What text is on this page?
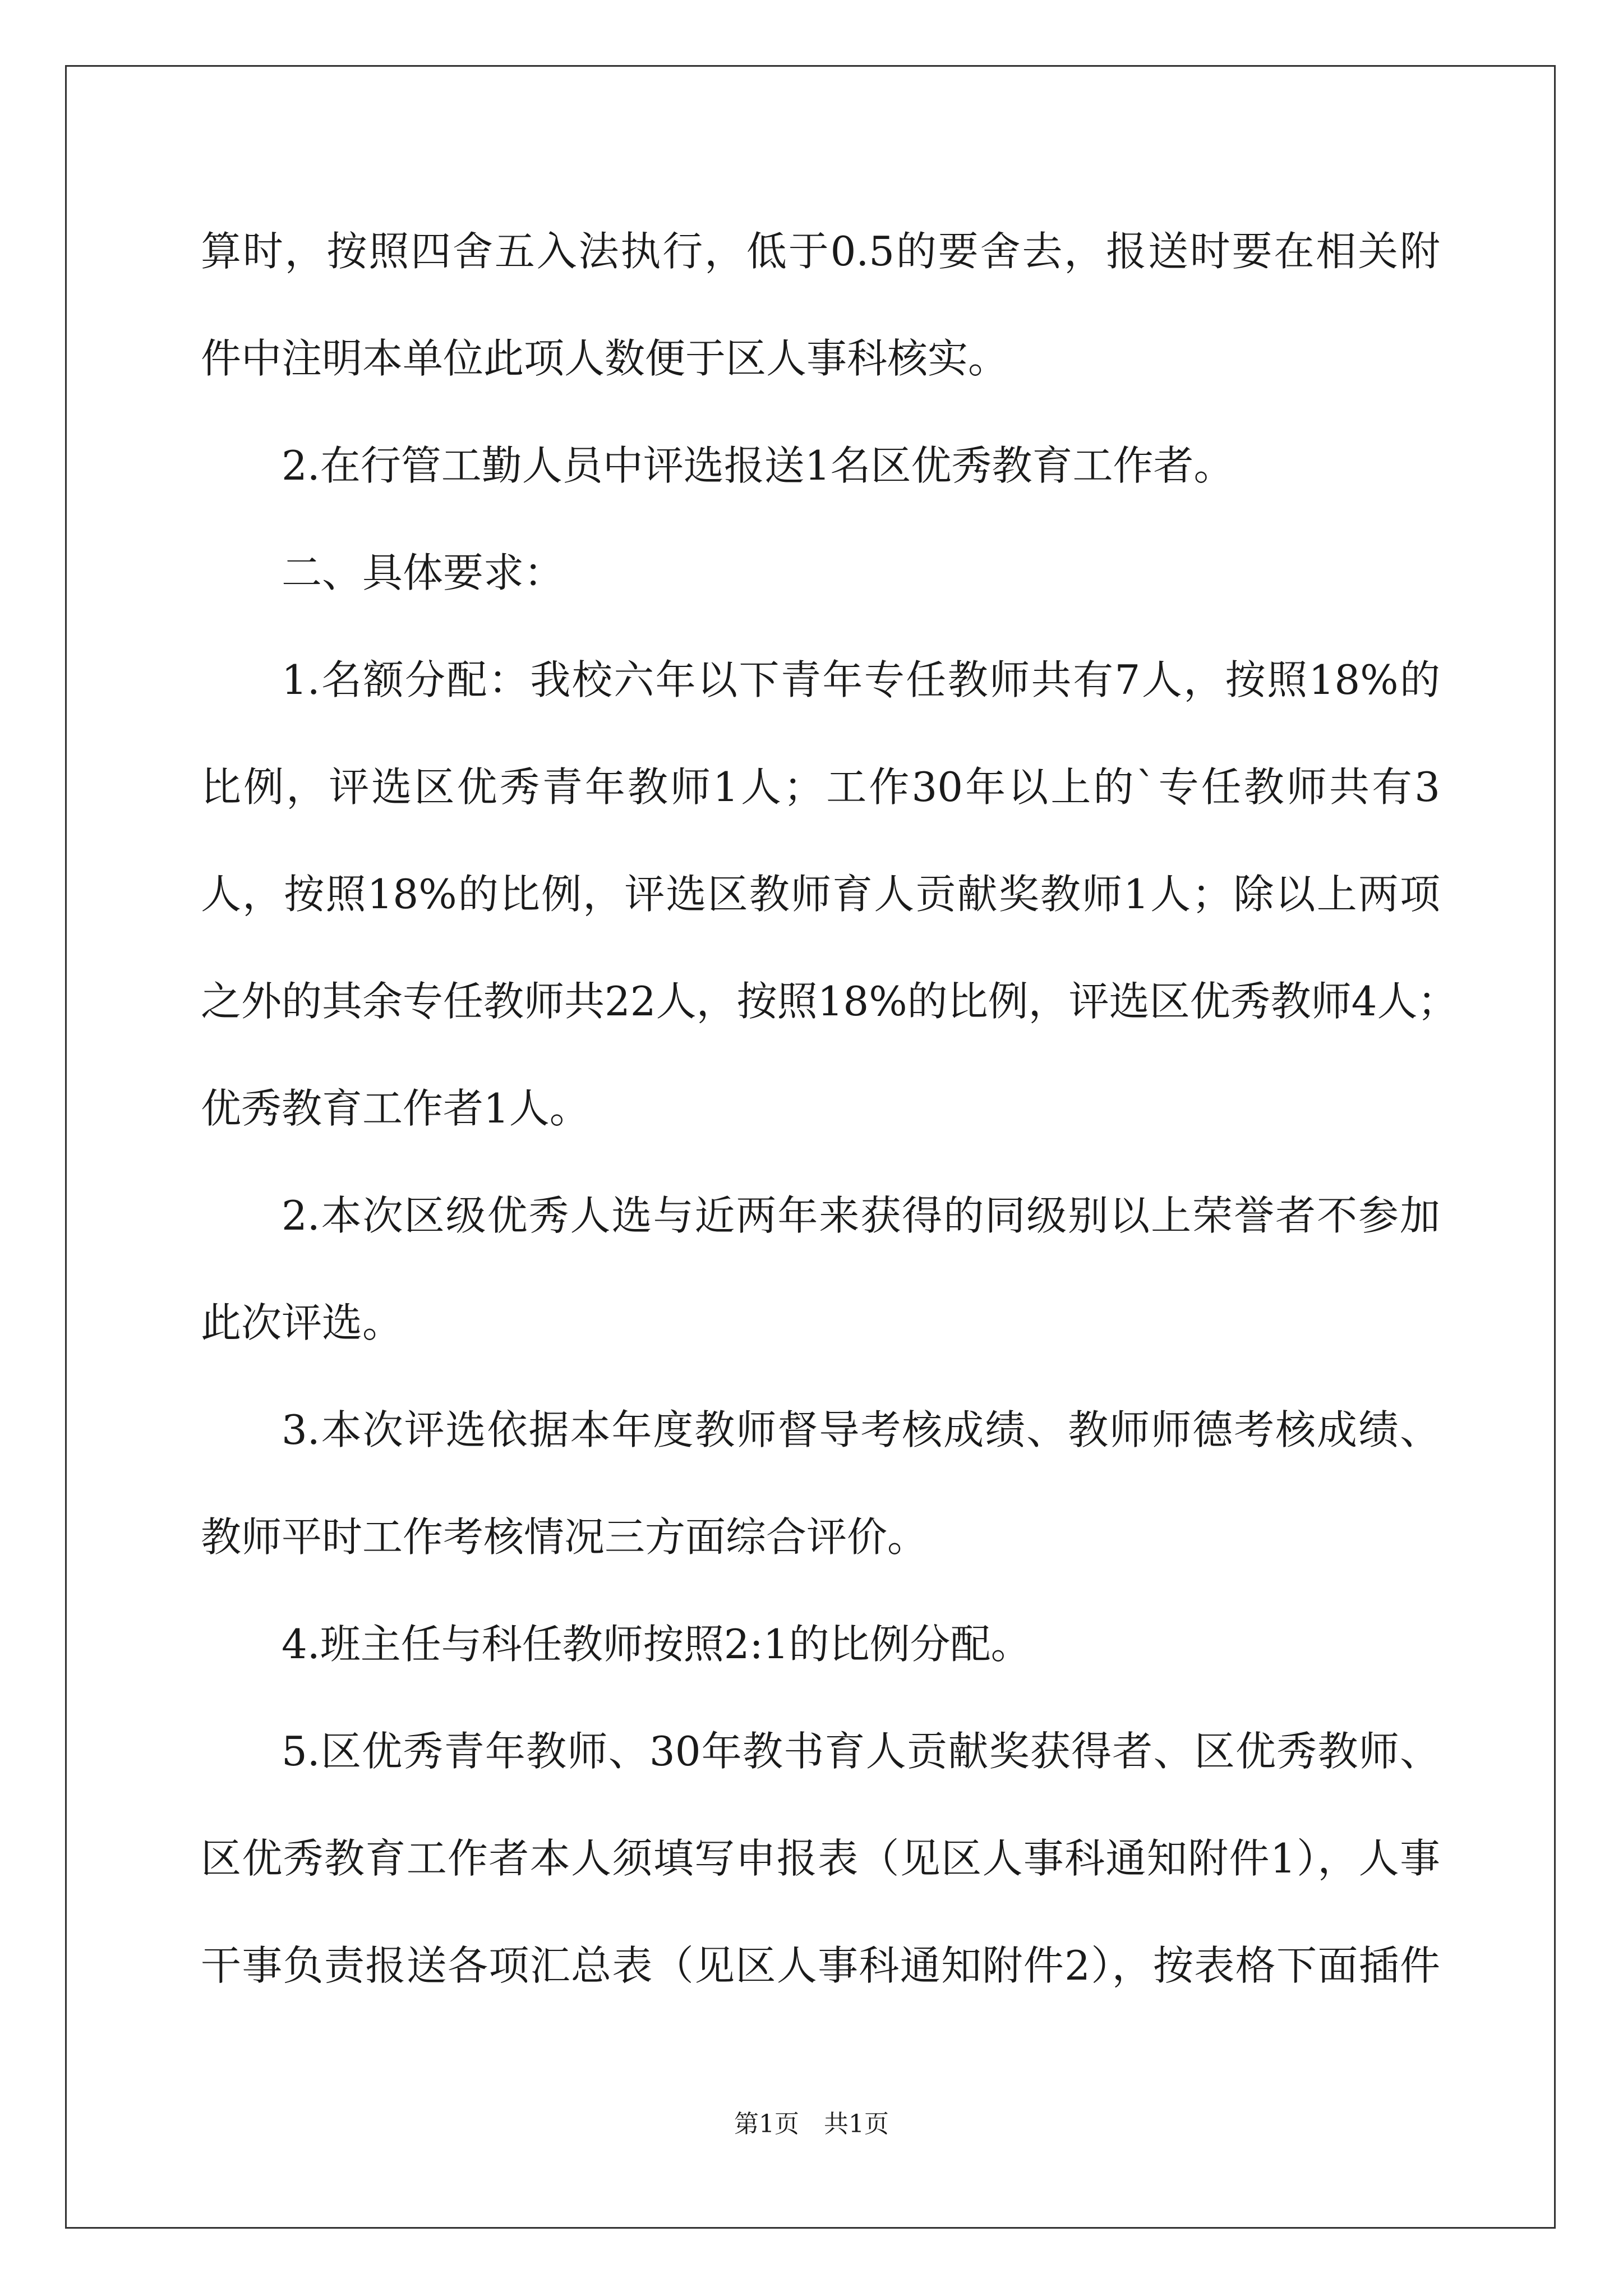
算时，按照四舍五入法执行，低于0.5的要舍去，报送时要在相关附
件中注明本单位此项人数便于区人事科核实。
2.在行管工勤人员中评选报送1名区优秀教育工作者。
二、具体要求：
1.名额分配：我校六年以下青年专任教师共有7人，按照18%的
比例，评选区优秀青年教师1人；工作30年以上的`专任教师共有3
人，按照18%的比例，评选区教师育人贡献奖教师1人；除以上两项
之外的其余专任教师共22人，按照18%的比例，评选区优秀教师4人；
优秀教育工作者1人。
2.本次区级优秀人选与近两年来获得的同级别以上荣誉者不参加
此次评选。
3.本次评选依据本年度教师督导考核成绩、教师师德考核成绩、
教师平时工作考核情况三方面综合评价。
4.班主任与科任教师按照2:1的比例分配。
5.区优秀青年教师、30年教书育人贡献奖获得者、区优秀教师、
区优秀教育工作者本人须填写申报表（见区人事科通知附件1），人事
干事负责报送各项汇总表（见区人事科通知附件2），按表格下面插件
第1页　共1页
